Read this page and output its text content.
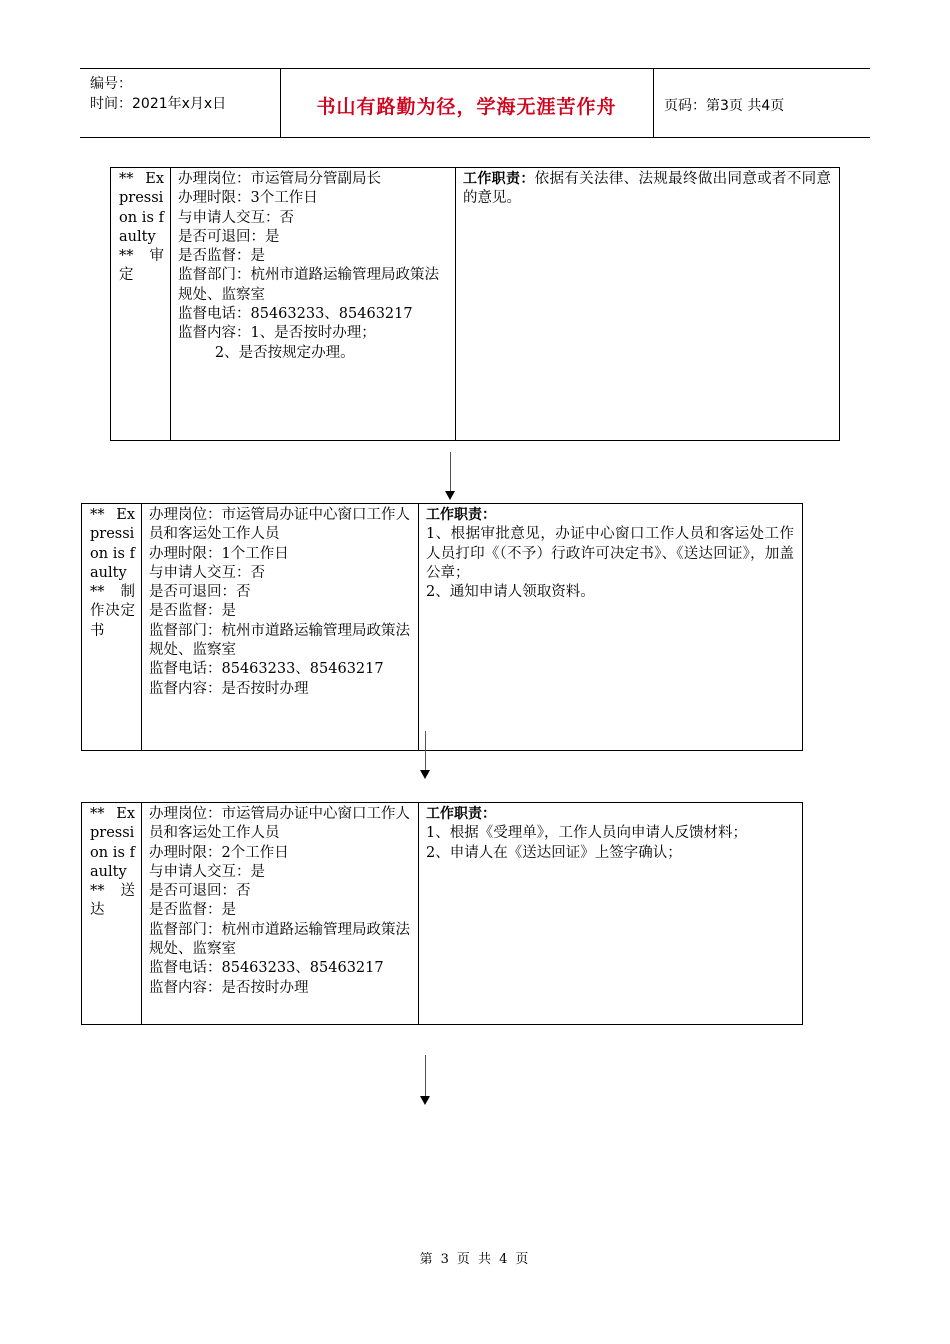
编号：
时间：2021年x月x日	书山有路勤为径，学海无涯苦作舟	页码：第3页 共4页
** Expression is faulty ** 审定
办理岗位：市运管局分管副局长
办理时限：3个工作日
与申请人交互：否
是否可退回：是
是否监督：是
监督部门：杭州市道路运输管理局政策法规处、监察室
监督电话：85463233、85463217
监督内容：1、是否按时办理；
2、是否按规定办理。
工作职责：依据有关法律、法规最终做出同意或者不同意的意见。
** Expression is faulty ** 制作决定书
办理岗位：市运管局办证中心窗口工作人员和客运处工作人员
办理时限：1个工作日
与申请人交互：否
是否可退回：否
是否监督：是
监督部门：杭州市道路运输管理局政策法规处、监察室
监督电话：85463233、85463217
监督内容：是否按时办理
工作职责：
1、根据审批意见，办证中心窗口工作人员和客运处工作人员打印《（不予）行政许可决定书》、《送达回证》，加盖公章；
2、通知申请人领取资料。
** Expression is faulty ** 送达
办理岗位：市运管局办证中心窗口工作人员和客运处工作人员
办理时限：2个工作日
与申请人交互：是
是否可退回：否
是否监督：是
监督部门：杭州市道路运输管理局政策法规处、监察室
监督电话：85463233、85463217
监督内容：是否按时办理
工作职责：
1、根据《受理单》，工作人员向申请人反馈材料；
2、申请人在《送达回证》上签字确认；
第 3 页 共 4 页
